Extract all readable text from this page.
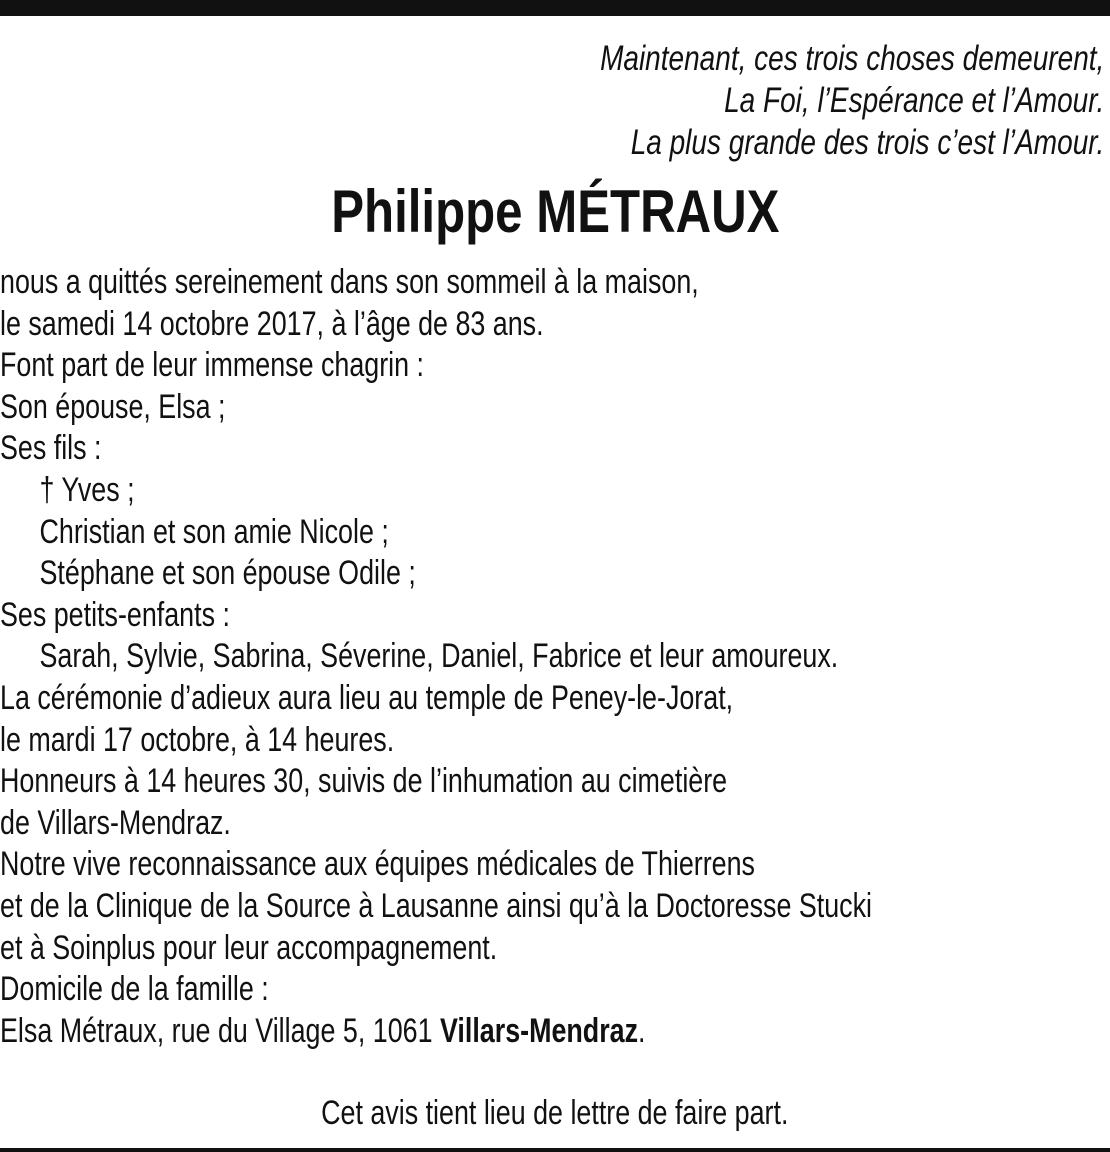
Maintenant, ces trois choses demeurent,
La Foi, l’Espérance et l’Amour.
La plus grande des trois c’est l’Amour.
Philippe MÉTRAUX
nous a quittés sereinement dans son sommeil à la maison,
le samedi 14 octobre 2017, à l’âge de 83 ans.
Font part de leur immense chagrin :
Son épouse, Elsa ;
Ses fils :
† Yves ;
Christian et son amie Nicole ;
Stéphane et son épouse Odile ;
Ses petits-enfants :
Sarah, Sylvie, Sabrina, Séverine, Daniel, Fabrice et leur amoureux.
La cérémonie d’adieux aura lieu au temple de Peney-le-Jorat,
le mardi 17 octobre, à 14 heures.
Honneurs à 14 heures 30, suivis de l’inhumation au cimetière
de Villars-Mendraz.
Notre vive reconnaissance aux équipes médicales de Thierrens
et de la Clinique de la Source à Lausanne ainsi qu’à la Doctoresse Stucki
et à Soinplus pour leur accompagnement.
Domicile de la famille :
Elsa Métraux, rue du Village 5, 1061 Villars-Mendraz.
Cet avis tient lieu de lettre de faire part.
